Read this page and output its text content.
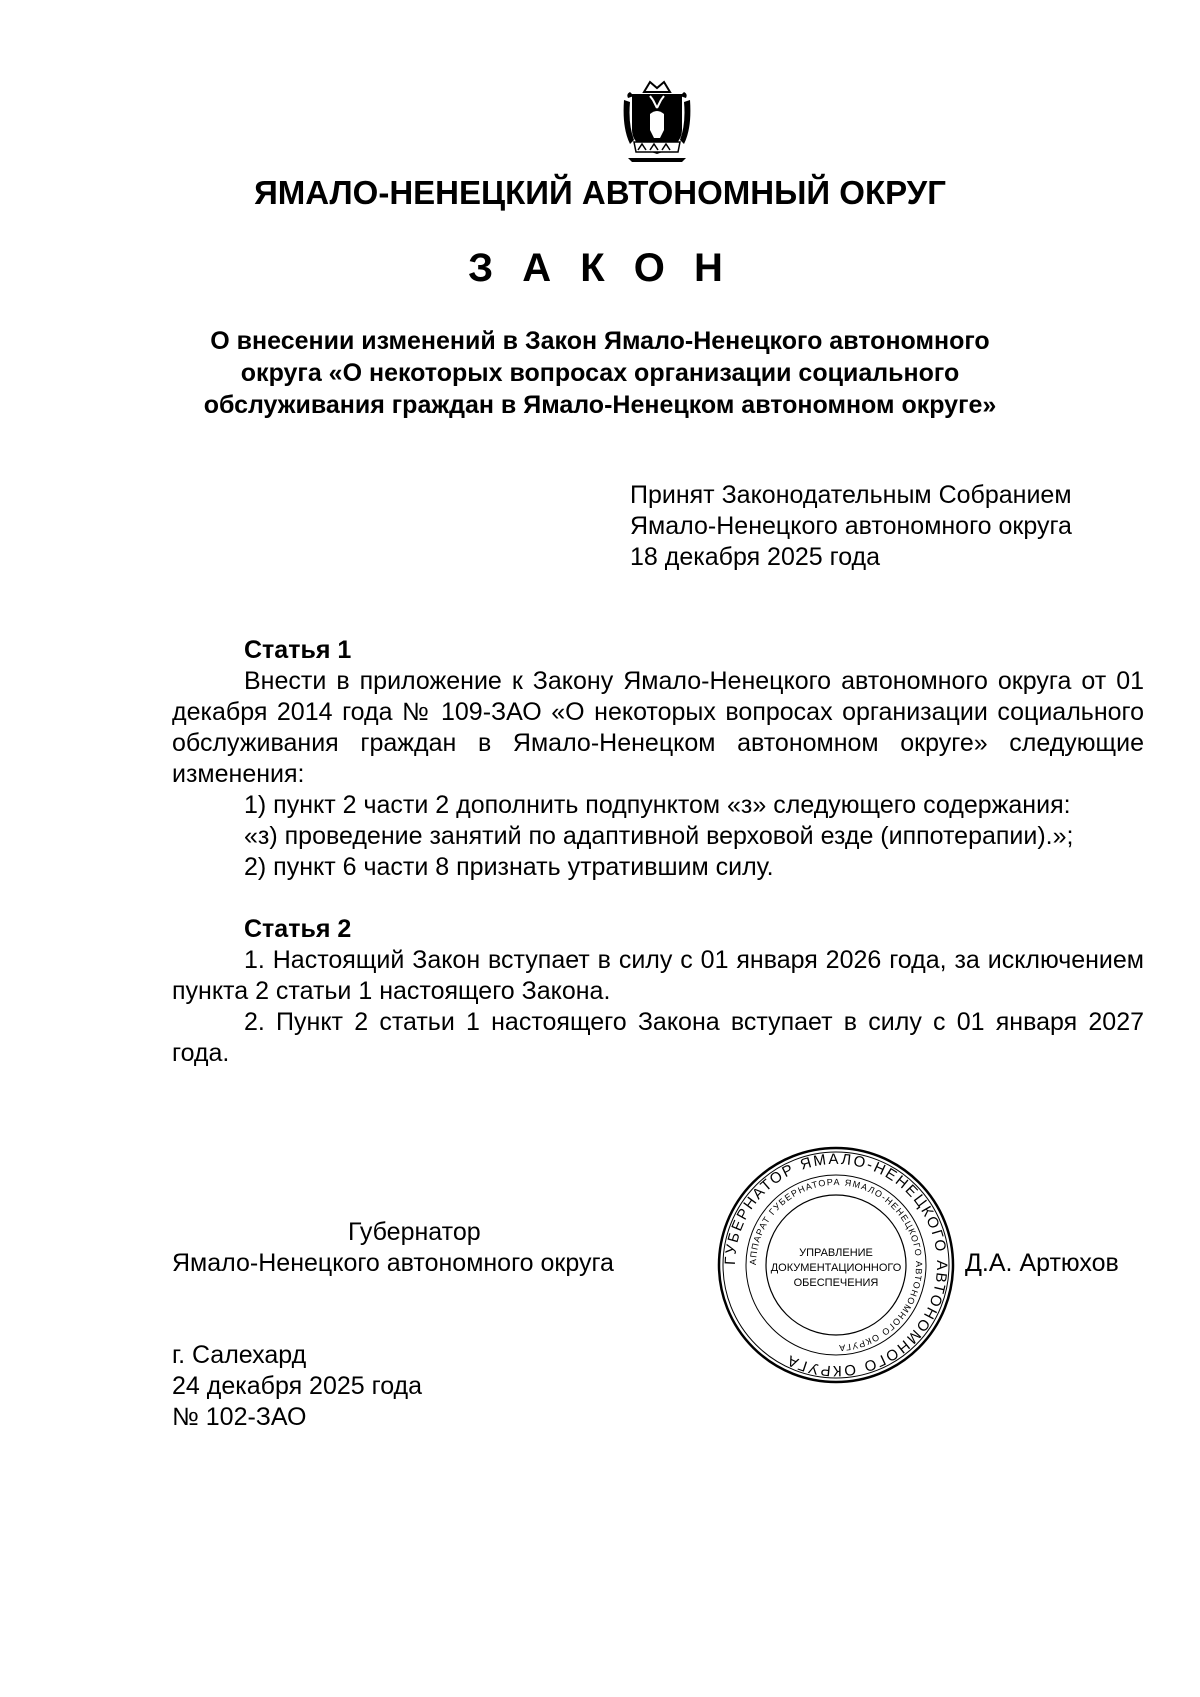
ЯМАЛО-НЕНЕЦКИЙ АВТОНОМНЫЙ ОКРУГ
З А К О Н

О внесении изменений в Закон Ямало-Ненецкого автономного округа «О некоторых вопросах организации социального обслуживания граждан в Ямало-Ненецком автономном округе»

Принят Законодательным Собранием
Ямало-Ненецкого автономного округа
18 декабря 2025 года

Статья 1

Внести в приложение к Закону Ямало-Ненецкого автономного округа от 01 декабря 2014 года № 109-ЗАО «О некоторых вопросах организации социального обслуживания граждан в Ямало-Ненецком автономном округе» следующие изменения:

1) пункт 2 части 2 дополнить подпунктом «з» следующего содержания:

«з) проведение занятий по адаптивной верховой езде (иппотерапии).»;

2) пункт 6 части 8 признать утратившим силу.

Статья 2

1. Настоящий Закон вступает в силу с 01 января 2026 года, за исключением пункта 2 статьи 1 настоящего Закона.

2. Пункт 2 статьи 1 настоящего Закона вступает в силу с 01 января 2027 года.

Губернатор
Ямало-Ненецкого автономного округа	ГУБЕРНАТОР ЯМАЛО-НЕНЕЦКОГО АВТОНОМНОГО ОКРУГА
АППАРАТ ГУБЕРНАТОРА ЯМАЛО-НЕНЕЦКОГО АВТОНОМНОГО ОКРУГА
УПРАВЛЕНИЕ
ДОКУМЕНТАЦИОННОГО
ОБЕСПЕЧЕНИЯ
Д.А. Артюхов
г. Салехард
24 декабря 2025 года
№ 102-ЗАО
